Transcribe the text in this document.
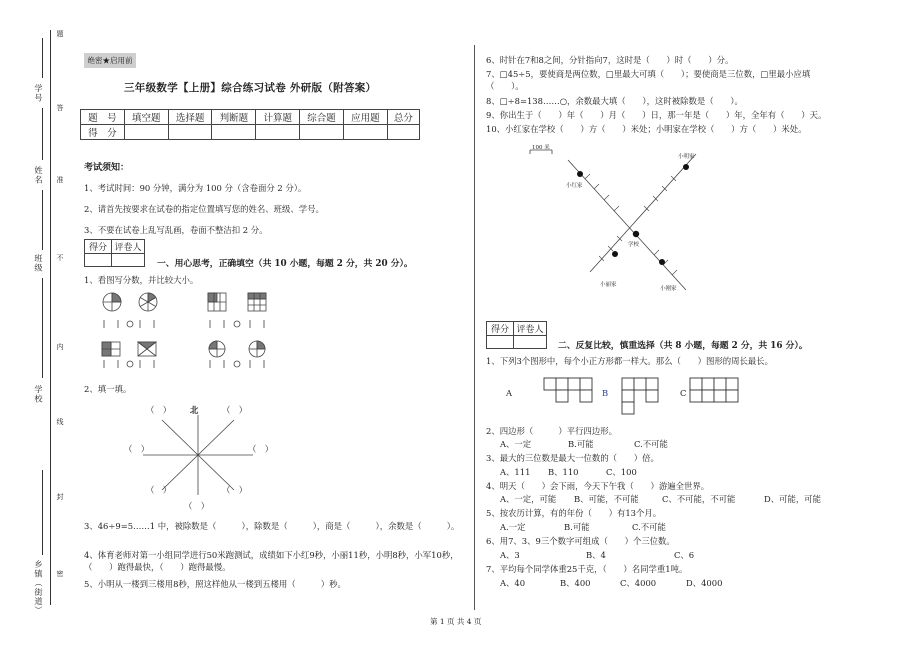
学号
姓名
班级
学校
乡镇（街道）
题
答
准
不
内
线
封
密
绝密★启用前
三年级数学【上册】综合练习试卷 外研版（附答案）
题　号	填空题	选择题	判断题	计算题	综合题	应用题	总分
得　分							
考试须知：
1、考试时间：90 分钟，满分为 100 分（含卷面分 2 分）。
2、请首先按要求在试卷的指定位置填写您的姓名、班级、学号。
3、不要在试卷上乱写乱画，卷面不整洁扣 2 分。
得分	评卷人

一、用心思考，正确填空（共 10 小题，每题 2 分，共 20 分）。
1、看图写分数，并比较大小。
2、填一填。
（　） 北	（　）
（　）	（　）
（　）	（　）
（　）
3、46÷9=5……1 中，被除数是（　　　），除数是（　　　），商是（　　　），余数是（　　　）。
4、体育老师对第一小组同学进行50米跑测试，成绩如下小红9秒，小丽11秒，小明8秒，小军10秒，
（　　）跑得最快，（　　）跑得最慢。
5、小明从一楼到三楼用8秒，照这样他从一楼到五楼用（　　　）秒。
6、时针在7和8之间，分针指向7，这时是（　　）时（　　）分。
7、□45÷5，要使商是两位数，□里最大可填（　　）；要使商是三位数，□里最小应填
（　　）。
8、□÷8=138……○，余数最大填（　　），这时被除数是（　　）。
9、你出生于（　　）年（　　）月（　　）日，那一年是（　　）年，全年有（　　）天。
10、小红家在学校（　　）方（　　）米处；小明家在学校（　　）方（　　）米处。
100 米
小明家
小红家
学校
小丽家
小刚家
得分	评卷人

二、反复比较，慎重选择（共 8 小题，每题 2 分，共 16 分）。
1、下列3个图形中，每个小正方形都一样大。那么（　　）图形的周长最长。
A	B	C
2、四边形（　　　）平行四边形。
A、一定	B.可能	C.不可能
3、最大的三位数是最大一位数的（　　）倍。
A、111 B、110	C、100
4、明天（　　）会下雨，今天下午我（　　）游遍全世界。
A、一定，可能 B、可能，不可能	C、不可能，不可能	D、可能，可能
5、按农历计算，有的年份（　　）有13个月。
A.一定	B.可能	C.不可能
6、用7、3、9三个数字可组成（　　）个三位数。
A、3	B、4	C、6
7、平均每个同学体重25千克，（　　）名同学重1吨。
A、40	B、400	C、4000	D、4000
第 1 页 共 4 页
